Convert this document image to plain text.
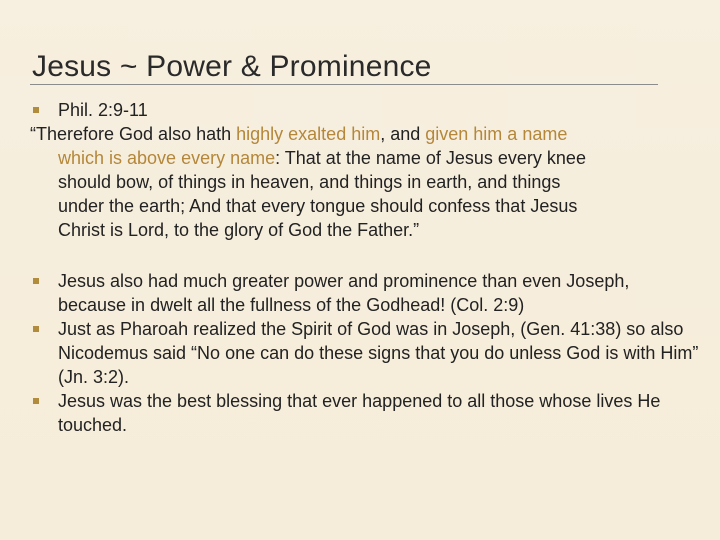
Jesus ~ Power & Prominence
Phil. 2:9-11
“Therefore God also hath highly exalted him, and given him a name
which is above every name: That at the name of Jesus every knee
should bow, of things in heaven, and things in earth, and things
under the earth; And that every tongue should confess that Jesus
Christ is Lord, to the glory of God the Father.”
Jesus also had much greater power and prominence than even Joseph, because in dwelt all the fullness of the Godhead! (Col. 2:9)
Just as Pharoah realized the Spirit of God was in Joseph, (Gen. 41:38) so also Nicodemus said “No one can do these signs that you do unless God is with Him” (Jn. 3:2).
Jesus was the best blessing that ever happened to all those whose lives He touched.
